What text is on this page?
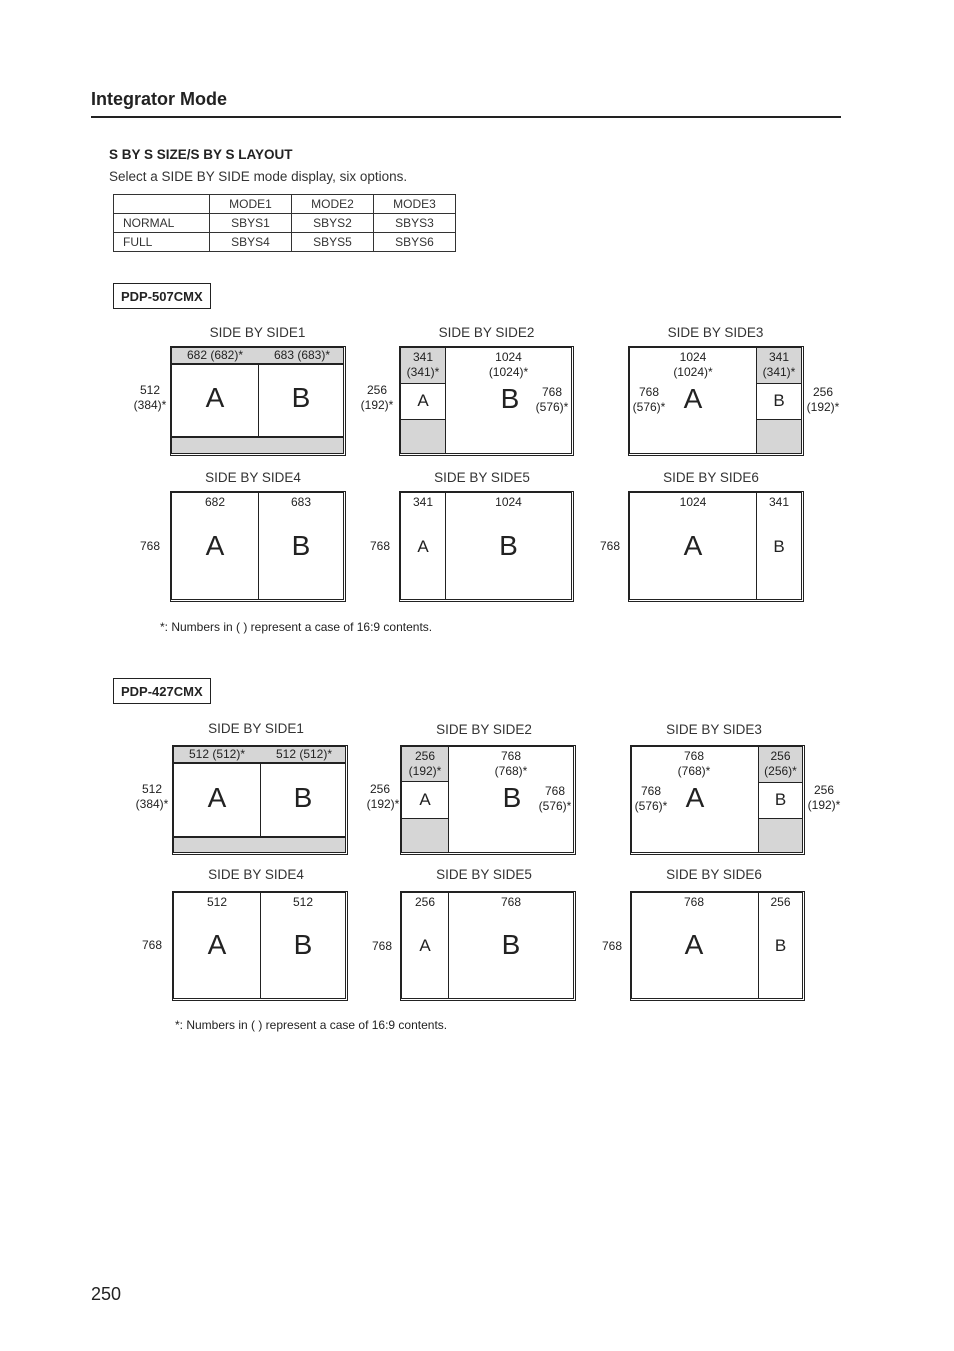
Integrator Mode
S BY S SIZE/S BY S LAYOUT
Select a SIDE BY SIDE mode display, six options.
	MODE1	MODE2	MODE3
NORMAL	SBYS1	SBYS2	SBYS3
FULL	SBYS4	SBYS5	SBYS6
PDP-507CMX
SIDE BY SIDE1
682 (682)*	683 (683)*
A	B
512
(384)*
SIDE BY SIDE2
341
(341)*
A
1024
(1024)*
B	768
(576)*
256
(192)*
SIDE BY SIDE3
1024
(1024)*
768
(576)* A
341
(341)*
B	256
(192)*
SIDE BY SIDE4
682	683
A	B
768
SIDE BY SIDE5
341	1024
A	B
768
SIDE BY SIDE6
1024	341
A	B
768
*: Numbers in ( ) represent a case of 16:9 contents.
PDP-427CMX
SIDE BY SIDE1
512 (512)*	512 (512)*
A	B
512
(384)*
SIDE BY SIDE2
256
(192)*
A
768
(768)*
B	768
(576)*
256
(192)*
SIDE BY SIDE3
768
(768)*
768
(576)* A
256
(256)*
B	256
(192)*
SIDE BY SIDE4
512	512
A	B
768
SIDE BY SIDE5
256	768
A	B
768
SIDE BY SIDE6
768	256
A	B
768
*: Numbers in ( ) represent a case of 16:9 contents.
250
